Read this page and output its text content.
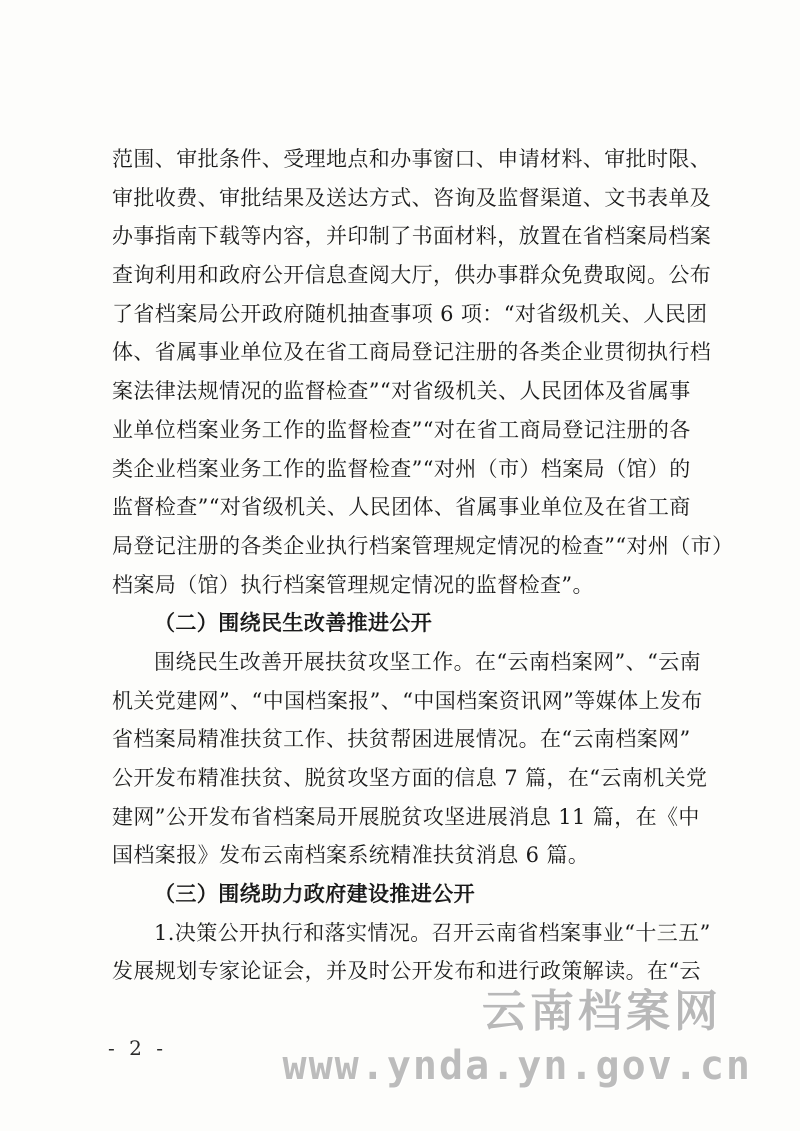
范围、审批条件、受理地点和办事窗口、申请材料、审批时限、
审批收费、审批结果及送达方式、咨询及监督渠道、文书表单及
办事指南下载等内容，并印制了书面材料，放置在省档案局档案
查询利用和政府公开信息查阅大厅，供办事群众免费取阅。公布
了省档案局公开政府随机抽查事项 6 项：“对省级机关、人民团
体、省属事业单位及在省工商局登记注册的各类企业贯彻执行档
案法律法规情况的监督检查”“对省级机关、人民团体及省属事
业单位档案业务工作的监督检查”“对在省工商局登记注册的各
类企业档案业务工作的监督检查”“对州（市）档案局（馆）的
监督检查”“对省级机关、人民团体、省属事业单位及在省工商
局登记注册的各类企业执行档案管理规定情况的检查”“对州（市）
档案局（馆）执行档案管理规定情况的监督检查”。
（二）围绕民生改善推进公开
围绕民生改善开展扶贫攻坚工作。在“云南档案网”、“云南
机关党建网”、“中国档案报”、“中国档案资讯网”等媒体上发布
省档案局精准扶贫工作、扶贫帮困进展情况。在“云南档案网”
公开发布精准扶贫、脱贫攻坚方面的信息 7 篇，在“云南机关党
建网”公开发布省档案局开展脱贫攻坚进展消息 11 篇，在《中
国档案报》发布云南档案系统精准扶贫消息 6 篇。
（三）围绕助力政府建设推进公开
1.决策公开执行和落实情况。召开云南省档案事业“十三五”
发展规划专家论证会，并及时公开发布和进行政策解读。在“云
- 2 -
云南档案网
www.ynda.yn.gov.cn
